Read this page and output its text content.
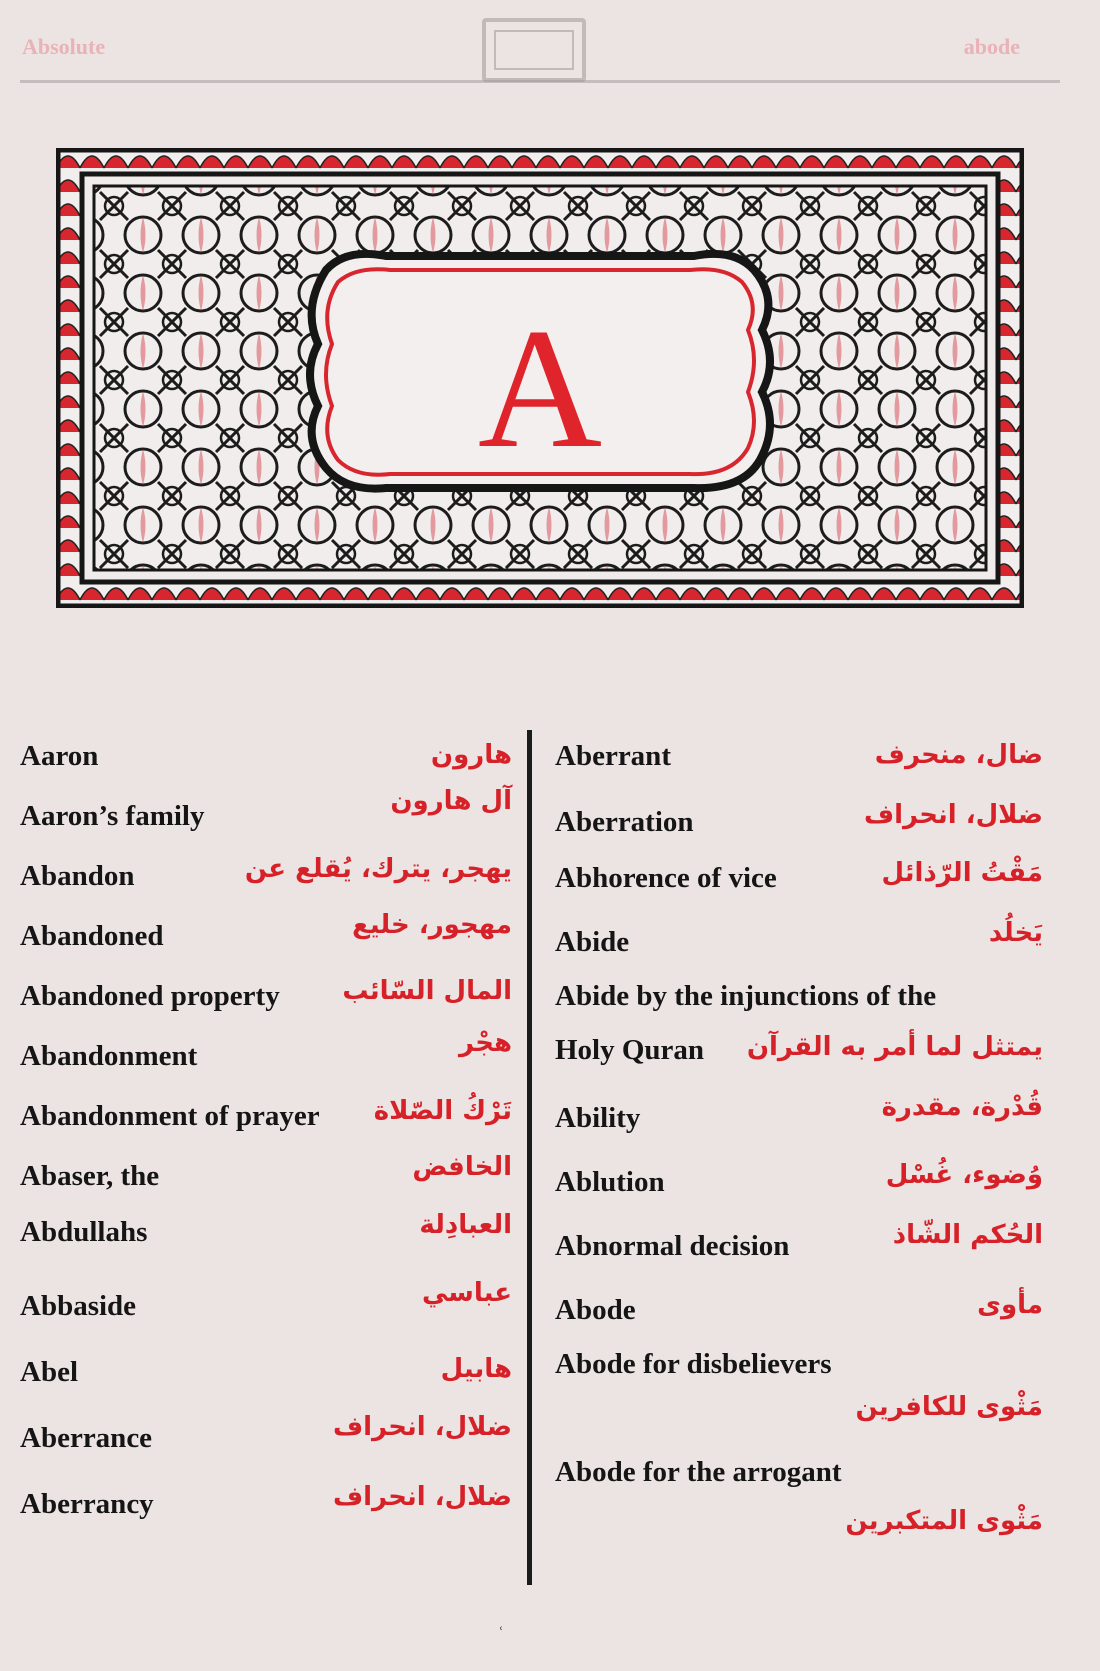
Absolute	abode
A
Aaron	هارون
Aaron’s family	آل هارون
Abandon	يهجر، يترك، يُقلع عن
Abandoned	مهجور، خليع
Abandoned property المال السّائب
Abandonment	هجْر
Abandonment of prayer تَرْكُ الصّلاة
Abaser, the	الخافض
Abdullahs	العبادِلة
Abbaside	عباسي
Abel	هابيل
Aberrance	ضلال، انحراف
Aberrancy	ضلال، انحراف
Aberrant	ضال، منحرف
Aberration	ضلال، انحراف
Abhorence of vice	مَقْتُ الرّذائل
Abide	يَخلُد
Abide by the injunctions of the
Holy Quran يمتثل لما أمر به القرآن
Ability	قُدْرة، مقدرة
Ablution	وُضوء، غُسْل
Abnormal decision	الحُكم الشّاذ
Abode	مأوى
Abode for disbelievers
مَثْوى للكافرين
Abode for the arrogant
مَثْوى المتكبرين
˓
